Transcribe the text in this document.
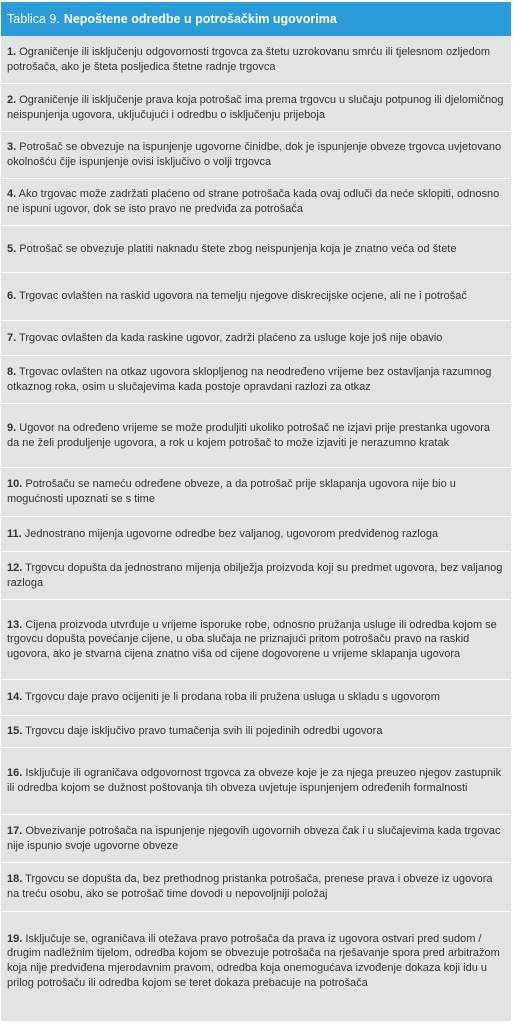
Tablica 9. Nepoštene odredbe u potrošačkim ugovorima
1. Ograničenje ili isključenju odgovornosti trgovca za štetu uzrokovanu smrću ili tjelesnom ozljedom potrošača, ako je šteta posljedica štetne radnje trgovca
2. Ograničenje ili isključenje prava koja potrošač ima prema trgovcu u slučaju potpunog ili djelomičnog neispunjenja ugovora, uključujući i odredbu o isključenju prijeboja
3. Potrošač se obvezuje na ispunjenje ugovorne činidbe, dok je ispunjenje obveze trgovca uvjetovano okolnošću čije ispunjenje ovisi isključivo o volji trgovca
4. Ako trgovac može zadržati plaćeno od strane potrošača kada ovaj odluči da neće sklopiti, odnosno ne ispuni ugovor, dok se isto pravo ne predviđa za potrošača
5. Potrošač se obvezuje platiti naknadu štete zbog neispunjenja koja je znatno veća od štete
6. Trgovac ovlašten na raskid ugovora na temelju njegove diskrecijske ocjene, ali ne i potrošač
7. Trgovac ovlašten da kada raskine ugovor, zadrži plaćeno za usluge koje još nije obavio
8. Trgovac ovlašten na otkaz ugovora sklopljenog na neodređeno vrijeme bez ostavljanja razumnog otkaznog roka, osim u slučajevima kada postoje opravdani razlozi za otkaz
9. Ugovor na određeno vrijeme se može produljiti ukoliko potrošač ne izjavi prije prestanka ugovora da ne želi produljenje ugovora, a rok u kojem potrošač to može izjaviti je nerazumno kratak
10. Potrošaču se nameću određene obveze, a da potrošač prije sklapanja ugovora nije bio u mogućnosti upoznati se s time
11. Jednostrano mijenja ugovorne odredbe bez valjanog, ugovorom predviđenog razloga
12. Trgovcu dopušta da jednostrano mijenja obilježja proizvoda koji su predmet ugovora, bez valjanog razloga
13. Cijena proizvoda utvrđuje u vrijeme isporuke robe, odnosno pružanja usluge ili odredba kojom se trgovcu dopušta povećanje cijene, u oba slučaja ne priznajući pritom potrošaču pravo na raskid ugovora, ako je stvarna cijena znatno viša od cijene dogovorene u vrijeme sklapanja ugovora
14. Trgovcu daje pravo ocijeniti je li prodana roba ili pružena usluga u skladu s ugovorom
15. Trgovcu daje isključivo pravo tumačenja svih ili pojedinih odredbi ugovora
16. Isključuje ili ograničava odgovornost trgovca za obveze koje je za njega preuzeo njegov zastupnik ili odredba kojom se dužnost poštovanja tih obveza uvjetuje ispunjenjem određenih formalnosti
17. Obvezivanje potrošača na ispunjenje njegovih ugovornih obveza čak i u slučajevima kada trgovac nije ispunio svoje ugovorne obveze
18. Trgovcu se dopušta da, bez prethodnog pristanka potrošača, prenese prava i obveze iz ugovora na treću osobu, ako se potrošač time dovodi u nepovoljniji položaj
19. Isključuje se, ograničava ili otežava pravo potrošača da prava iz ugovora ostvari pred sudom / drugim nadležnim tijelom, odredba kojom se obvezuje potrošača na rješavanje spora pred arbitražom koja nije predviđena mjerodavnim pravom, odredba koja onemogućava izvođenje dokaza koji idu u prilog potrošaču ili odredba kojom se teret dokaza prebacuje na potrošača
